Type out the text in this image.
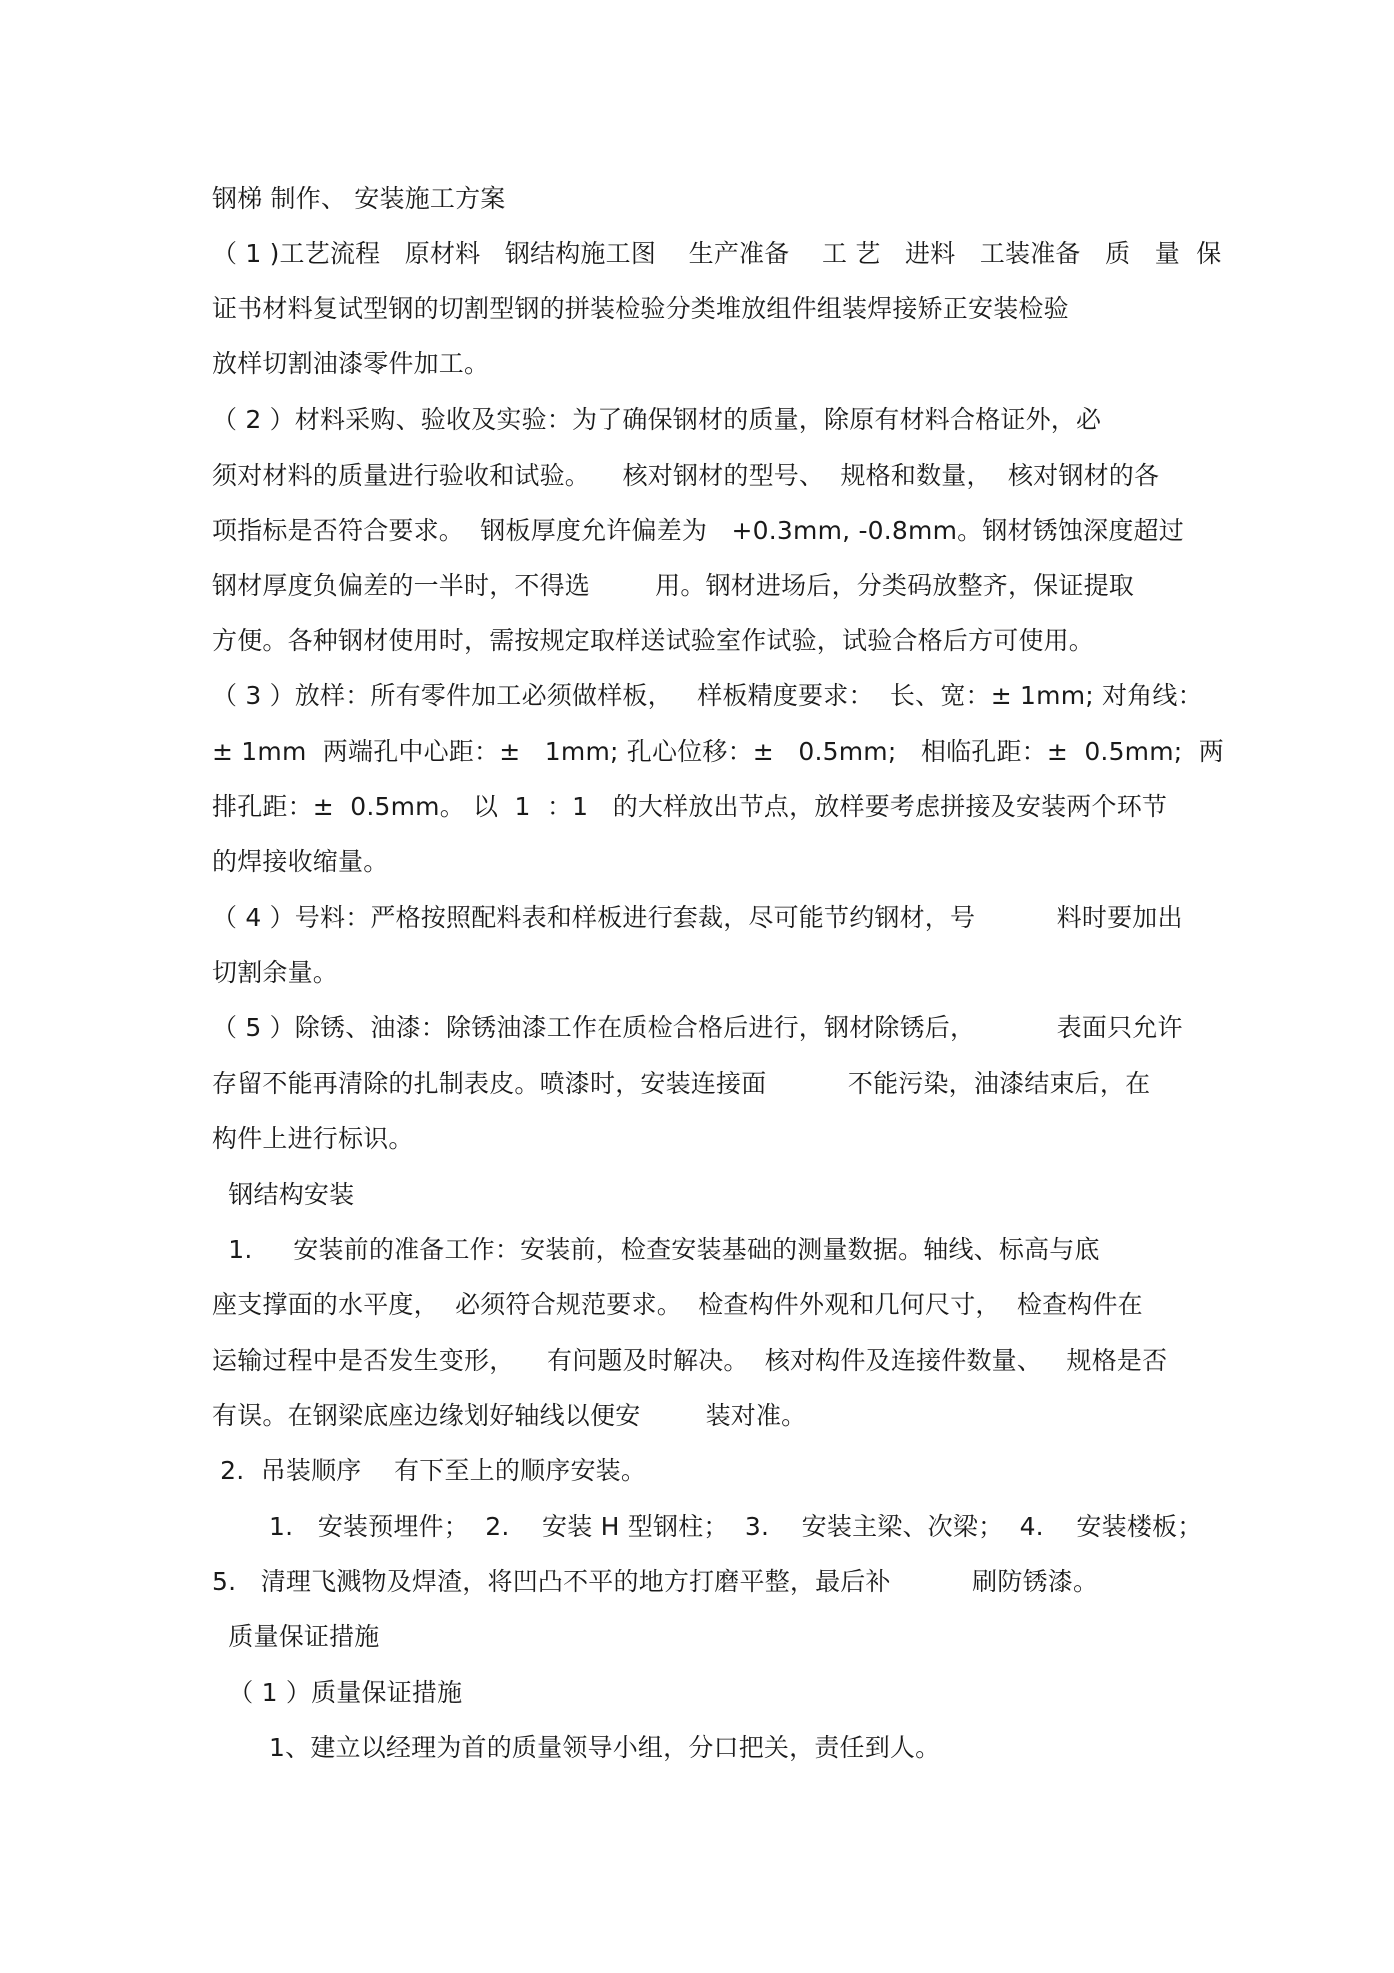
钢梯 制作、 安装施工方案
（ 1 )工艺流程   原材料   钢结构施工图    生产准备    工 艺   进料   工装准备   质   量  保
证书材料复试型钢的切割型钢的拼装检验分类堆放组件组装焊接矫正安装检验
放样切割油漆零件加工。
（ 2 ）材料采购、验收及实验：为了确保钢材的质量，除原有材料合格证外，必
须对材料的质量进行验收和试验。    核对钢材的型号、  规格和数量，  核对钢材的各
项指标是否符合要求。  钢板厚度允许偏差为   +0.3mm, -0.8mm。钢材锈蚀深度超过
钢材厚度负偏差的一半时，不得选        用。钢材进场后，分类码放整齐，保证提取
方便。各种钢材使用时，需按规定取样送试验室作试验，试验合格后方可使用。
（ 3 ）放样：所有零件加工必须做样板，   样板精度要求：  长、宽：± 1mm; 对角线：
± 1mm  两端孔中心距：±   1mm; 孔心位移：±   0.5mm;   相临孔距：±  0.5mm;  两
排孔距：±  0.5mm。 以  1  ：1   的大样放出节点，放样要考虑拼接及安装两个环节
的焊接收缩量。
（ 4 ）号料：严格按照配料表和样板进行套裁，尽可能节约钢材，号          料时要加出
切割余量。
（ 5 ）除锈、油漆：除锈油漆工作在质检合格后进行，钢材除锈后，          表面只允许
存留不能再清除的扎制表皮。喷漆时，安装连接面          不能污染，油漆结束后，在
构件上进行标识。
钢结构安装
1.     安装前的准备工作：安装前，检查安装基础的测量数据。轴线、标高与底
座支撑面的水平度，  必须符合规范要求。  检查构件外观和几何尺寸，  检查构件在
运输过程中是否发生变形，    有问题及时解决。  核对构件及连接件数量、   规格是否
有误。在钢梁底座边缘划好轴线以便安        装对准。
2.  吊装顺序    有下至上的顺序安装。
1.   安装预埋件；  2.    安装 H 型钢柱；  3.    安装主梁、次梁；  4.    安装楼板；
5.   清理飞溅物及焊渣，将凹凸不平的地方打磨平整，最后补          刷防锈漆。
质量保证措施
（ 1 ）质量保证措施
1、建立以经理为首的质量领导小组，分口把关，责任到人。
